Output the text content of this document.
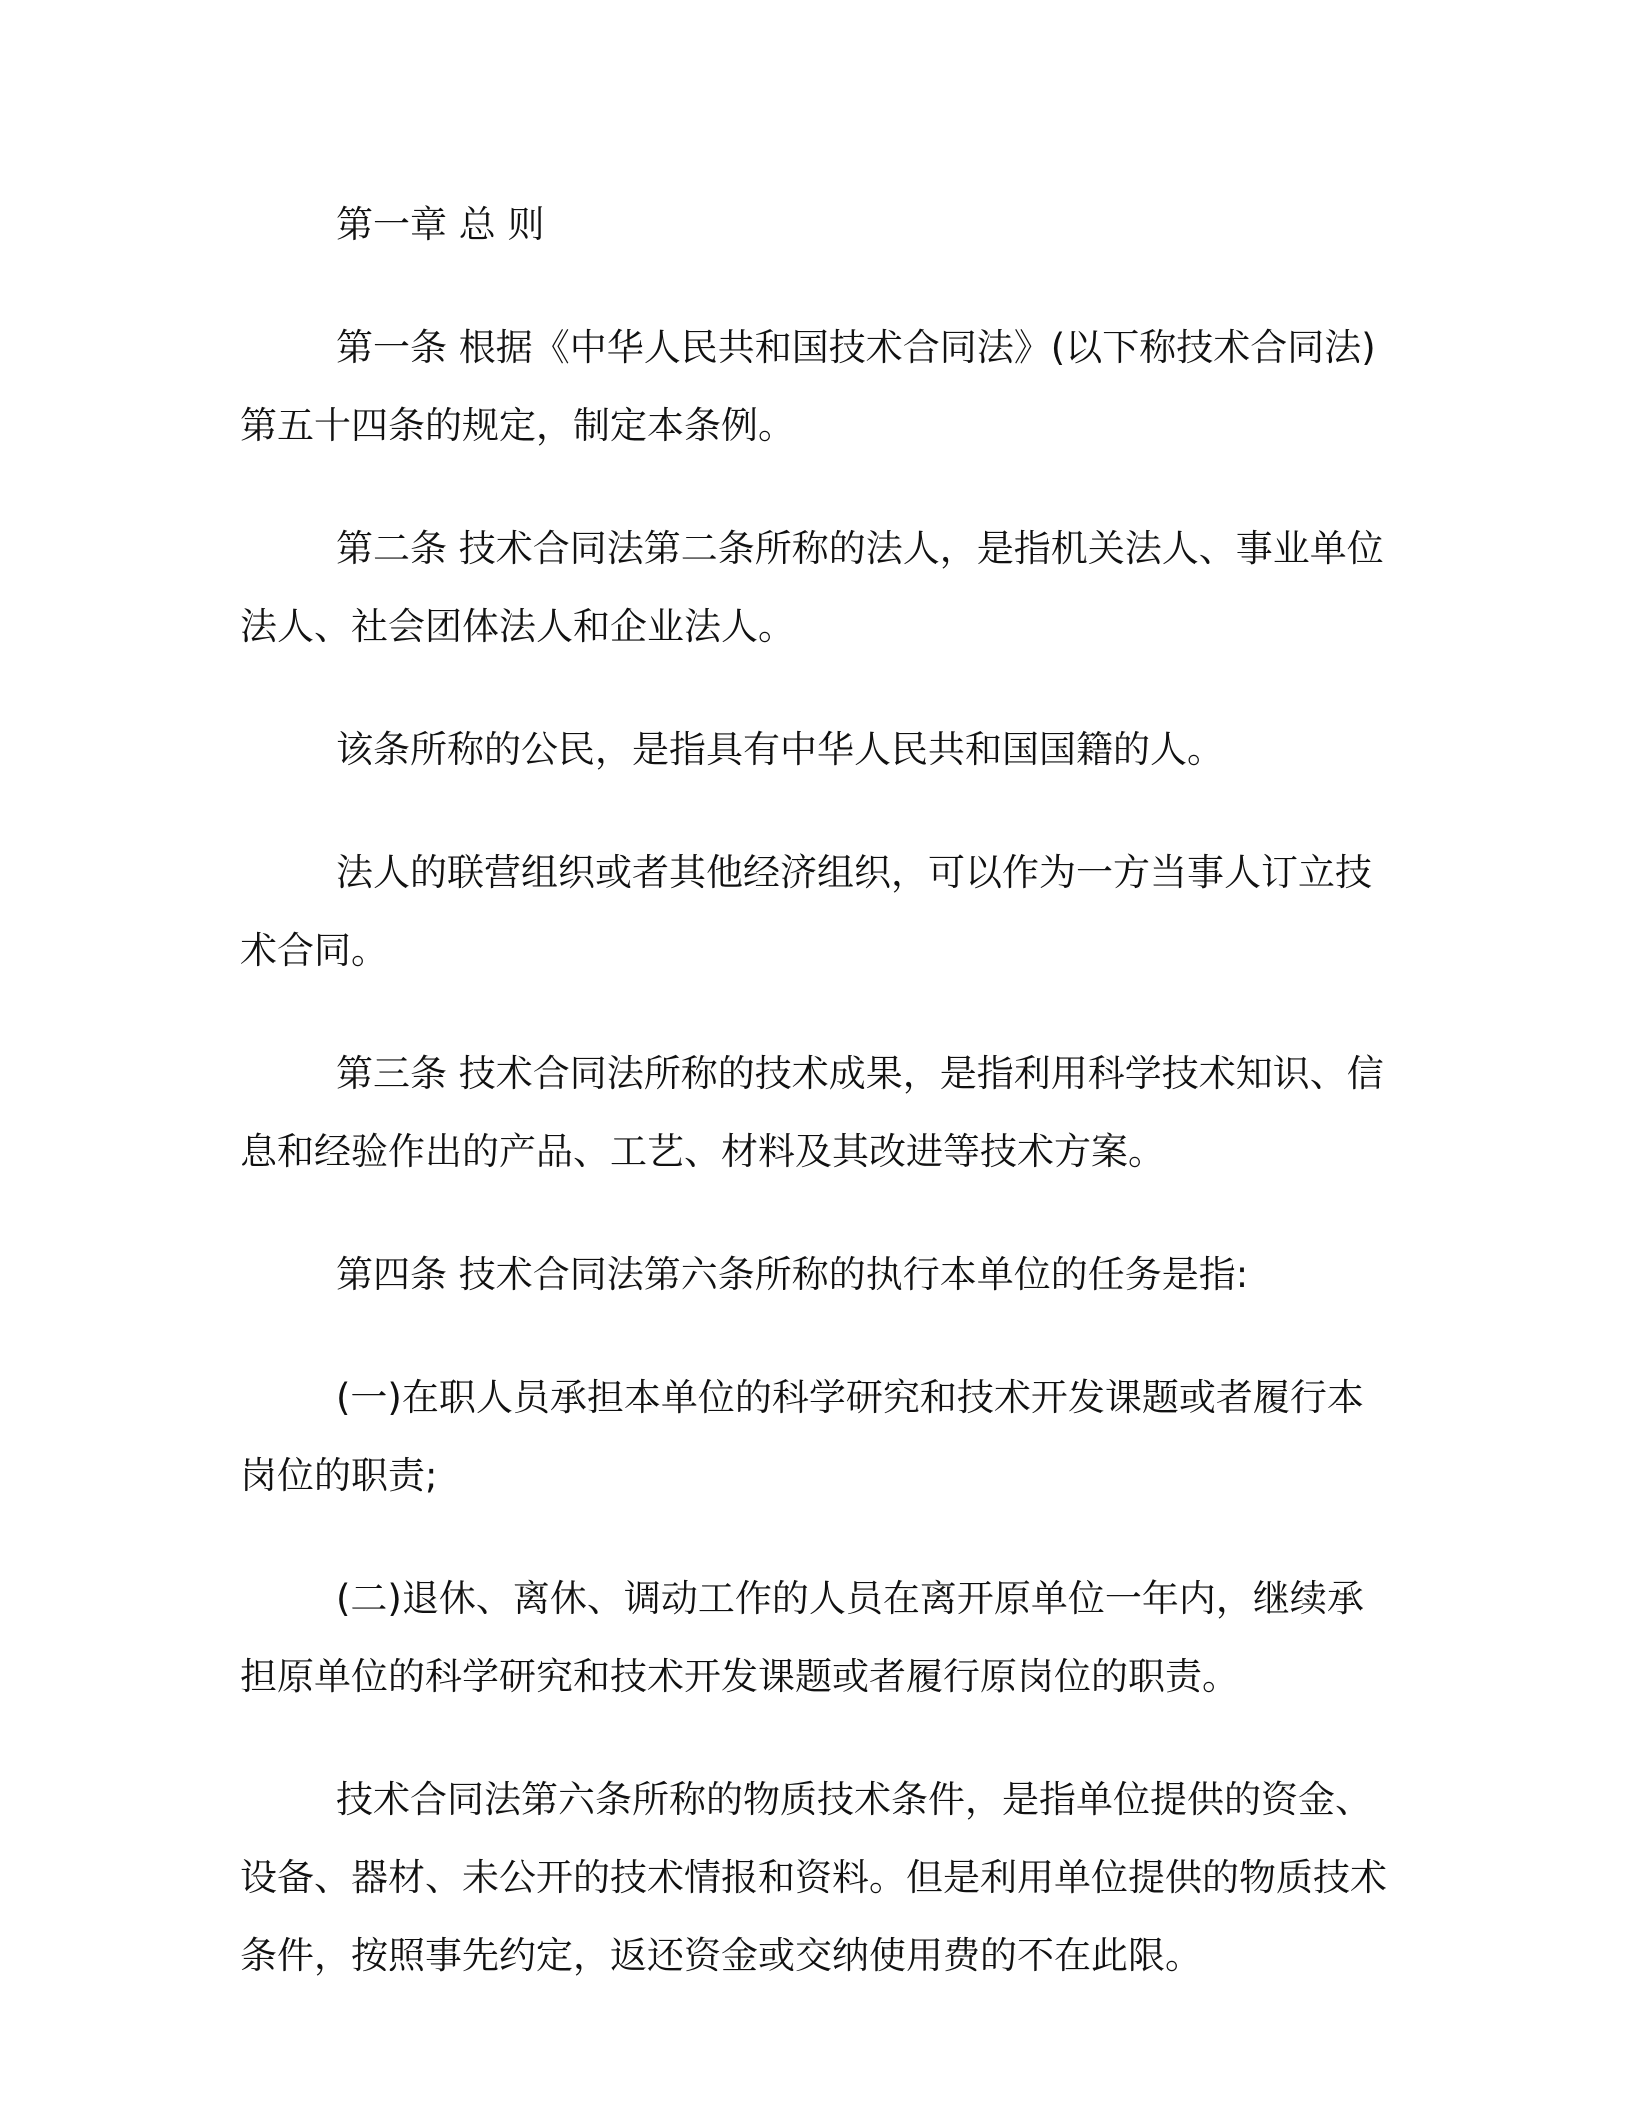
第一章 总 则

第一条 根据《中华人民共和国技术合同法》(以下称技术合同法)第五十四条的规定，制定本条例。

第二条 技术合同法第二条所称的法人，是指机关法人、事业单位法人、社会团体法人和企业法人。

该条所称的公民，是指具有中华人民共和国国籍的人。

法人的联营组织或者其他经济组织，可以作为一方当事人订立技术合同。

第三条 技术合同法所称的技术成果，是指利用科学技术知识、信息和经验作出的产品、工艺、材料及其改进等技术方案。

第四条 技术合同法第六条所称的执行本单位的任务是指:

(一)在职人员承担本单位的科学研究和技术开发课题或者履行本岗位的职责;

(二)退休、离休、调动工作的人员在离开原单位一年内，继续承担原单位的科学研究和技术开发课题或者履行原岗位的职责。

技术合同法第六条所称的物质技术条件，是指单位提供的资金、设备、器材、未公开的技术情报和资料。但是利用单位提供的物质技术条件，按照事先约定，返还资金或交纳使用费的不在此限。
